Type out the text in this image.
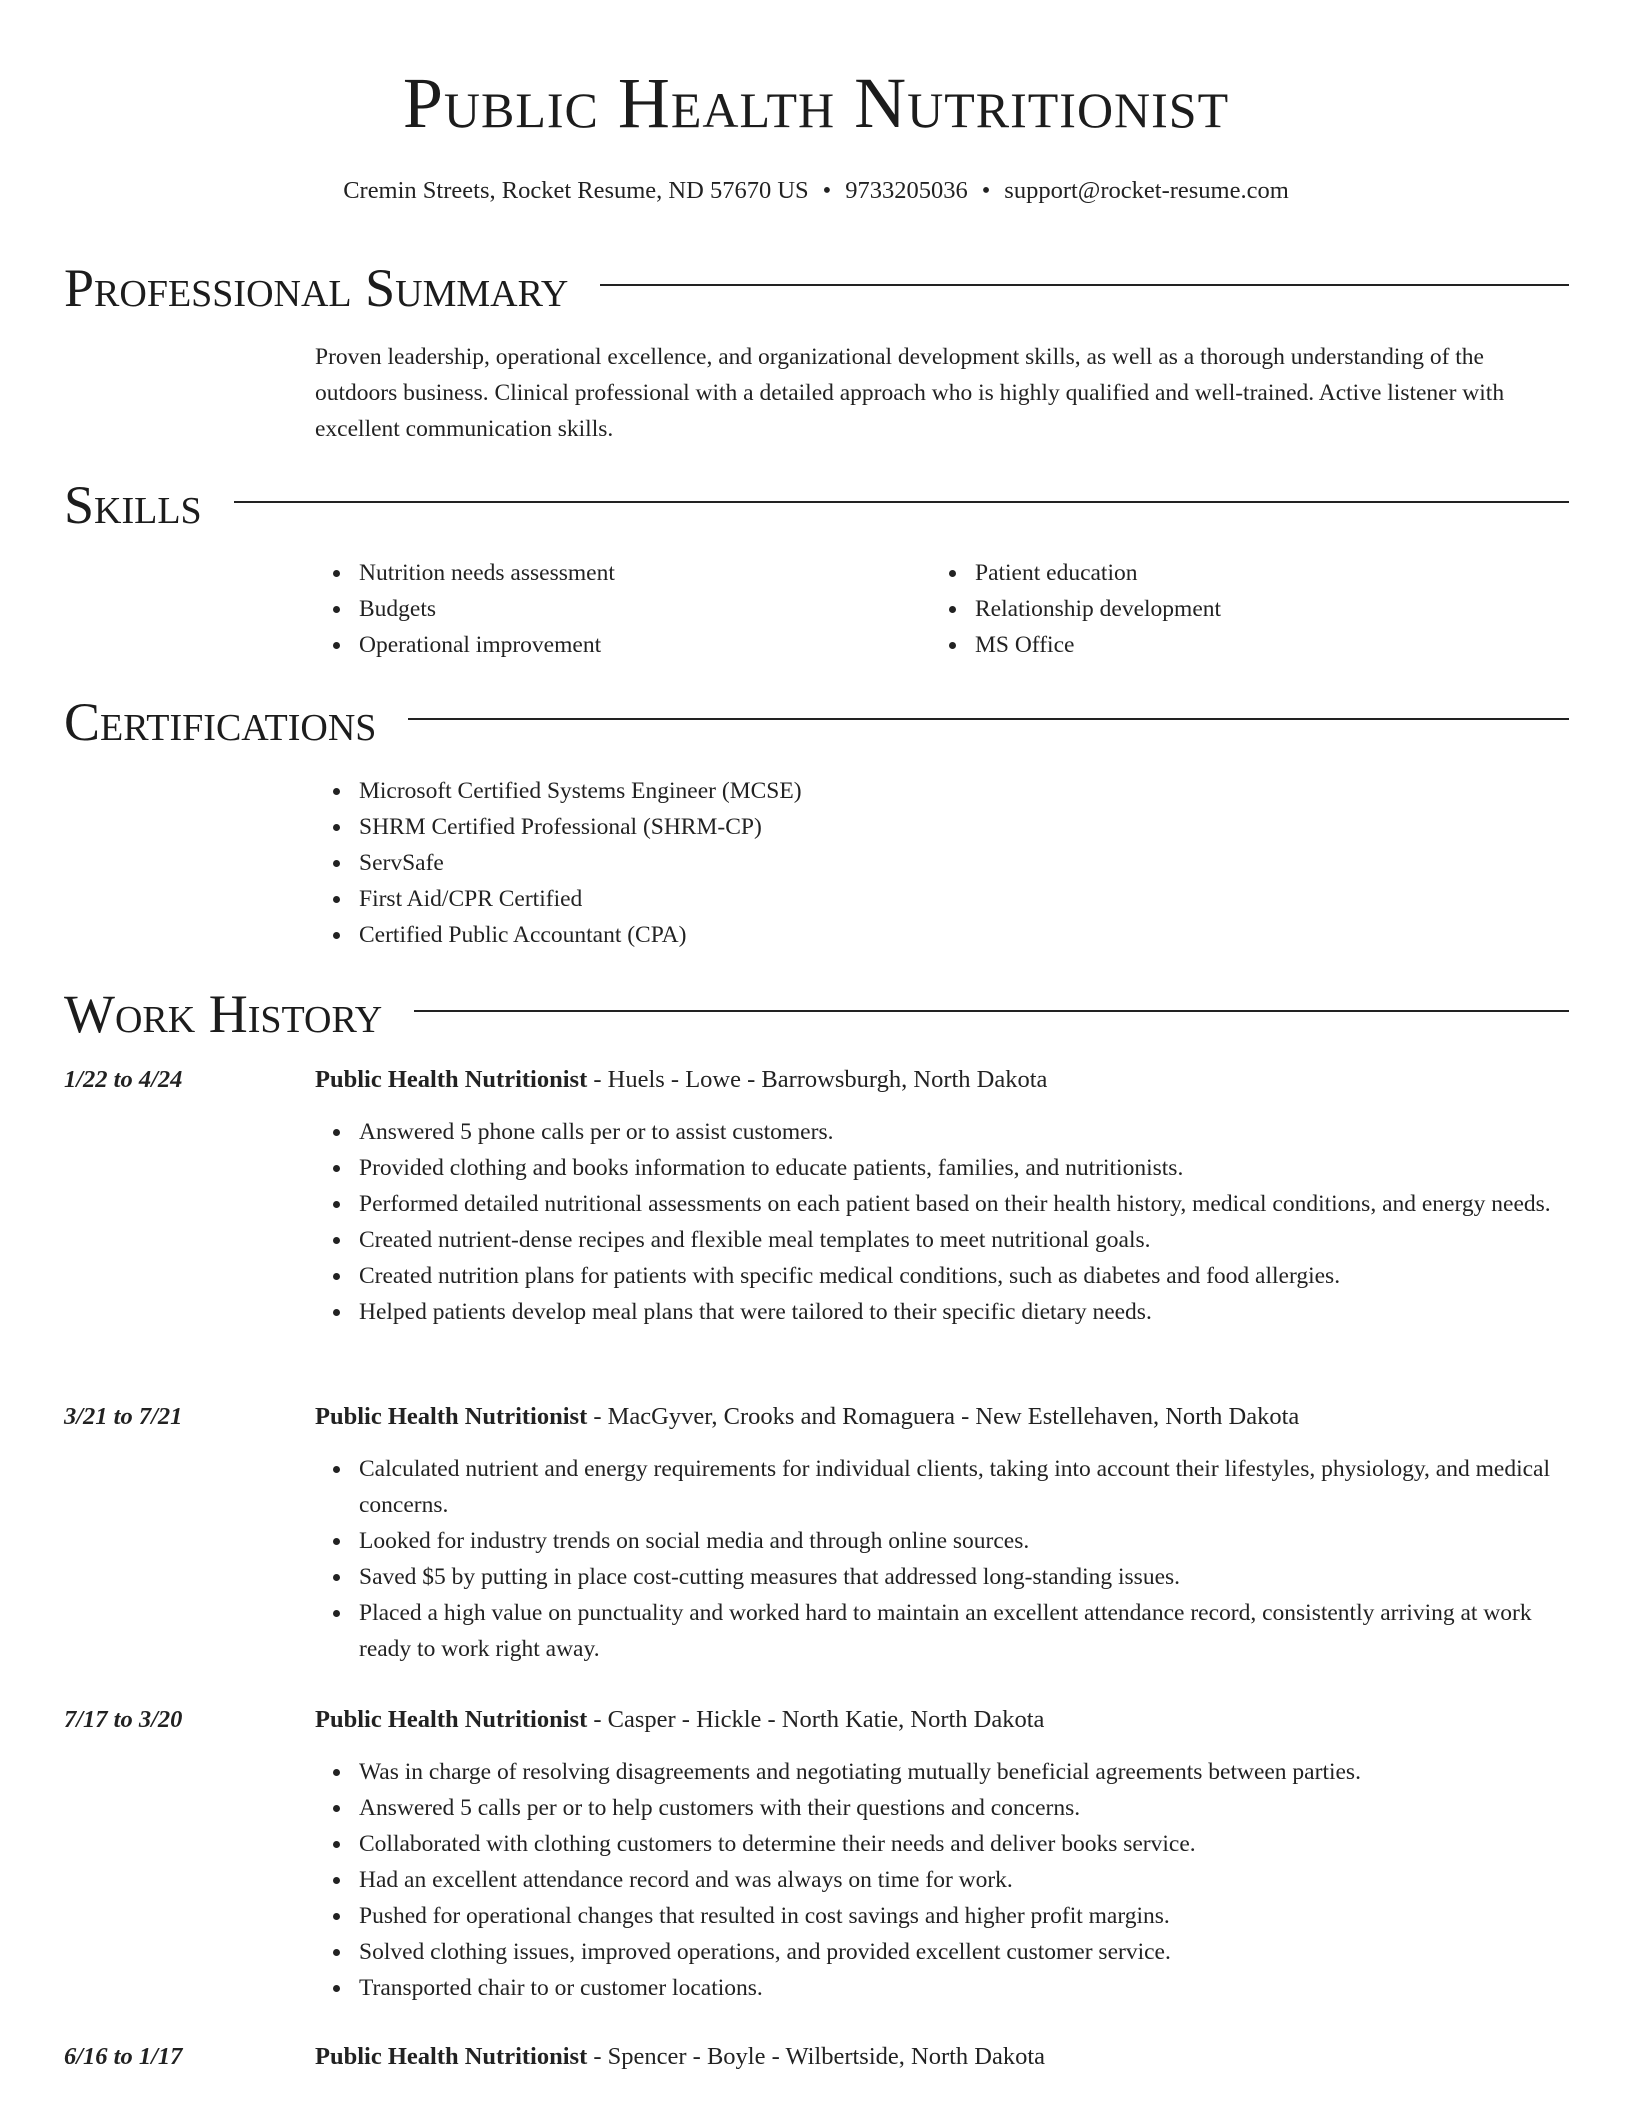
Public Health Nutritionist
Cremin Streets, Rocket Resume, ND 57670 US • 9733205036 • support@rocket-resume.com
Professional Summary
Proven leadership, operational excellence, and organizational development skills, as well as a thorough understanding of the outdoors business. Clinical professional with a detailed approach who is highly qualified and well-trained. Active listener with excellent communication skills.
Skills
Nutrition needs assessment
Budgets
Operational improvement
Patient education
Relationship development
MS Office
Certifications
Microsoft Certified Systems Engineer (MCSE)
SHRM Certified Professional (SHRM-CP)
ServSafe
First Aid/CPR Certified
Certified Public Accountant (CPA)
Work History
1/22 to 4/24	Public Health Nutritionist - Huels - Lowe - Barrowsburgh, North Dakota
Answered 5 phone calls per or to assist customers.
Provided clothing and books information to educate patients, families, and nutritionists.
Performed detailed nutritional assessments on each patient based on their health history, medical conditions, and energy needs.
Created nutrient-dense recipes and flexible meal templates to meet nutritional goals.
Created nutrition plans for patients with specific medical conditions, such as diabetes and food allergies.
Helped patients develop meal plans that were tailored to their specific dietary needs.
3/21 to 7/21	Public Health Nutritionist - MacGyver, Crooks and Romaguera - New Estellehaven, North Dakota
Calculated nutrient and energy requirements for individual clients, taking into account their lifestyles, physiology, and medical concerns.
Looked for industry trends on social media and through online sources.
Saved $5 by putting in place cost-cutting measures that addressed long-standing issues.
Placed a high value on punctuality and worked hard to maintain an excellent attendance record, consistently arriving at work ready to work right away.
7/17 to 3/20	Public Health Nutritionist - Casper - Hickle - North Katie, North Dakota
Was in charge of resolving disagreements and negotiating mutually beneficial agreements between parties.
Answered 5 calls per or to help customers with their questions and concerns.
Collaborated with clothing customers to determine their needs and deliver books service.
Had an excellent attendance record and was always on time for work.
Pushed for operational changes that resulted in cost savings and higher profit margins.
Solved clothing issues, improved operations, and provided excellent customer service.
Transported chair to or customer locations.
6/16 to 1/17	Public Health Nutritionist - Spencer - Boyle - Wilbertside, North Dakota
